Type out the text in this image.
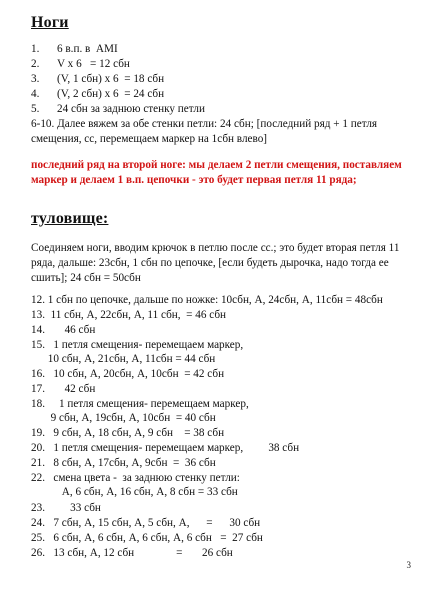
Ноги
1. 6 в.п. в  AMI
2. V x 6   = 12 сбн
3. (V, 1 сбн) x 6  = 18 сбн
4. (V, 2 сбн) x 6  = 24 сбн
5. 24 сбн за заднюю стенку петли
6-10. Далее вяжем за обе стенки петли: 24 сбн; [последний ряд + 1 петля смещения, сс, перемещаем маркер на 1сбн влево]
последний ряд на второй ноге: мы делаем 2 петли смещения, поставляем маркер и делаем 1 в.п. цепочки - это будет первая петля 11 ряда;
туловище:
Соединяем ноги, вводим крючок в петлю после сс.; это будет вторая петля 11 ряда, дальше: 23сбн, 1 сбн по цепочке, [если будеть дырочка, надо тогда ее сшить]; 24 сбн = 50сбн
12. 1 сбн по цепочке, дальше по ножке: 10сбн, А, 24сбн, А, 11сбн = 48сбн
13.  11 сбн, А, 22сбн, А, 11 сбн,  = 46 сбн
14.       46 сбн
15.   1 петля смещения- перемещаем маркер,
10 сбн, А, 21сбн, А, 11сбн = 44 сбн
16.   10 сбн, А, 20сбн, А, 10сбн  = 42 сбн
17.       42 сбн
18.     1 петля смещения- перемещаем маркер,
9 сбн, А, 19сбн, А, 10сбн  = 40 сбн
19.   9 сбн, А, 18 сбн, А, 9 сбн    = 38 сбн
20.   1 петля смещения- перемещаем маркер,         38 сбн
21.   8 сбн, А, 17сбн, А, 9сбн  =  36 сбн
22.   смена цвета -  за заднюю стенку петли:
А, 6 сбн, А, 16 сбн, А, 8 сбн = 33 сбн
23.         33 сбн
24.   7 сбн, А, 15 сбн, А, 5 сбн, А,      =      30 сбн
25.   6 сбн, А, 6 сбн, А, 6 сбн, А, 6 сбн   =  27 сбн
26.   13 сбн, А, 12 сбн               =       26 сбн
3
